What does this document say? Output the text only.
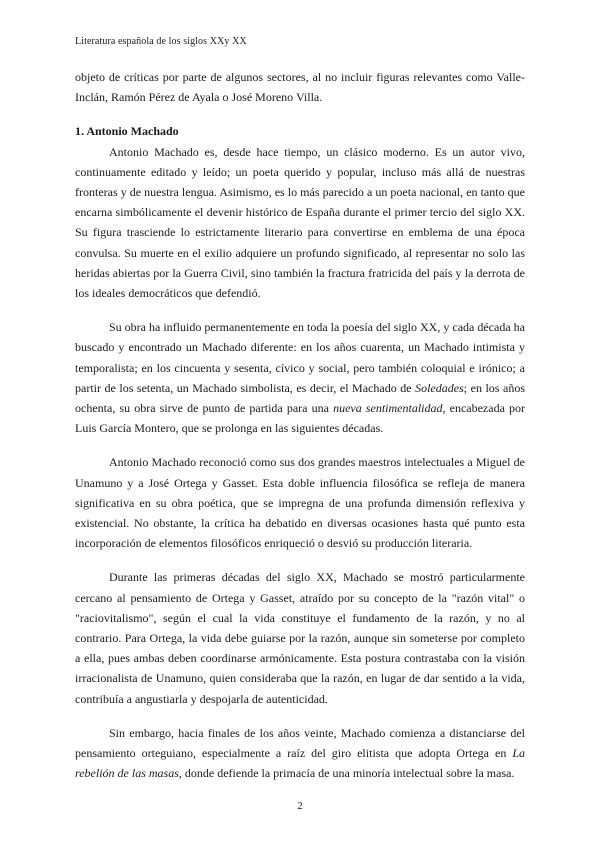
Literatura española de los siglos XXy XX

objeto de críticas por parte de algunos sectores, al no incluir figuras relevantes como Valle-Inclán, Ramón Pérez de Ayala o José Moreno Villa.

1. Antonio Machado

Antonio Machado es, desde hace tiempo, un clásico moderno. Es un autor vivo, continuamente editado y leído; un poeta querido y popular, incluso más allá de nuestras fronteras y de nuestra lengua. Asimismo, es lo más parecido a un poeta nacional, en tanto que encarna simbólicamente el devenir histórico de España durante el primer tercio del siglo XX. Su figura trasciende lo estrictamente literario para convertirse en emblema de una época convulsa. Su muerte en el exilio adquiere un profundo significado, al representar no solo las heridas abiertas por la Guerra Civil, sino también la fractura fratricida del país y la derrota de los ideales democráticos que defendió.

Su obra ha influido permanentemente en toda la poesía del siglo XX, y cada década ha buscado y encontrado un Machado diferente: en los años cuarenta, un Machado intimista y temporalista; en los cincuenta y sesenta, cívico y social, pero también coloquial e irónico; a partir de los setenta, un Machado simbolista, es decir, el Machado de Soledades; en los años ochenta, su obra sirve de punto de partida para una nueva sentimentalidad, encabezada por Luis García Montero, que se prolonga en las siguientes décadas.

Antonio Machado reconoció como sus dos grandes maestros intelectuales a Miguel de Unamuno y a José Ortega y Gasset. Esta doble influencia filosófica se refleja de manera significativa en su obra poética, que se impregna de una profunda dimensión reflexiva y existencial. No obstante, la crítica ha debatido en diversas ocasiones hasta qué punto esta incorporación de elementos filosóficos enriqueció o desvió su producción literaria.

Durante las primeras décadas del siglo XX, Machado se mostró particularmente cercano al pensamiento de Ortega y Gasset, atraído por su concepto de la "razón vital" o "raciovitalismo", según el cual la vida constituye el fundamento de la razón, y no al contrario. Para Ortega, la vida debe guiarse por la razón, aunque sin someterse por completo a ella, pues ambas deben coordinarse armónicamente. Esta postura contrastaba con la visión irracionalista de Unamuno, quien consideraba que la razón, en lugar de dar sentido a la vida, contribuía a angustiarla y despojarla de autenticidad.

Sin embargo, hacia finales de los años veinte, Machado comienza a distanciarse del pensamiento orteguiano, especialmente a raíz del giro elitista que adopta Ortega en La rebelión de las masas, donde defiende la primacía de una minoría intelectual sobre la masa.

2
